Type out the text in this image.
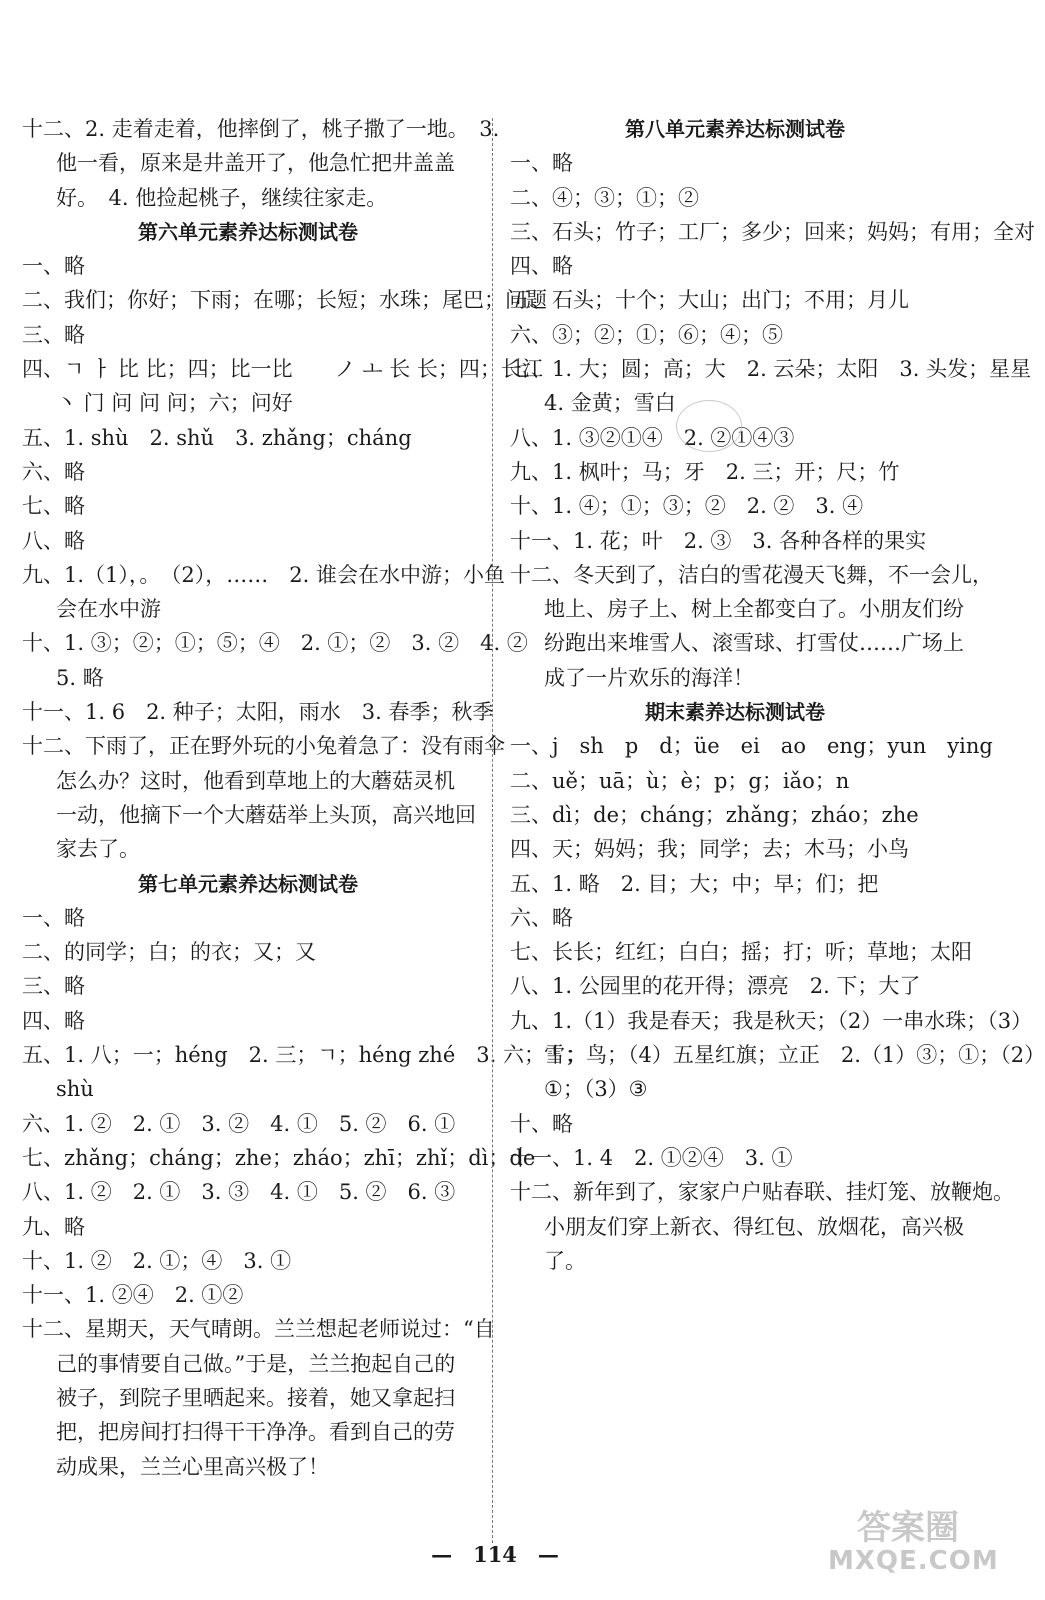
十二、2. 走着走着，他摔倒了，桃子撒了一地。　3.
他一看，原来是井盖开了，他急忙把井盖盖
好。　4. 他捡起桃子，继续往家走。
第六单元素养达标测试卷
一、略
二、我们；你好；下雨；在哪；长短；水珠；尾巴；问题
三、略
四、ㄱ ㅏ 比 比；四；比一比　　ノ ㅗ 长 长；四；长江
丶 门 问 问 问；六；问好
五、1. shù　2. shǔ　3. zhǎng；cháng
六、略
七、略
八、略
九、1.（1），。　（2），……　2. 谁会在水中游；小鱼
会在水中游
十、1. ③；②；①；⑤；④　2. ①；②　3. ②　4. ②
5. 略
十一、1. 6　2. 种子；太阳，雨水　3. 春季；秋季
十二、下雨了，正在野外玩的小兔着急了：没有雨伞
怎么办？这时，他看到草地上的大蘑菇灵机
一动，他摘下一个大蘑菇举上头顶，高兴地回
家去了。
第七单元素养达标测试卷
一、略
二、的同学；白；的衣；又；又
三、略
四、略
五、1. 八；一；héng　2. 三；ㄱ；héng zhé　3. 六；丨；
shù
六、1. ②　2. ①　3. ②　4. ①　5. ②　6. ①
七、zhǎng；cháng；zhe；zháo；zhī；zhǐ；dì；de
八、1. ②　2. ①　3. ③　4. ①　5. ②　6. ③
九、略
十、1. ②　2. ①；④　3. ①
十一、1. ②④　2. ①②
十二、星期天，天气晴朗。兰兰想起老师说过：“自
己的事情要自己做。”于是，兰兰抱起自己的
被子，到院子里晒起来。接着，她又拿起扫
把，把房间打扫得干干净净。看到自己的劳
动成果，兰兰心里高兴极了！
第八单元素养达标测试卷
一、略
二、④；③；①；②
三、石头；竹子；工厂；多少；回来；妈妈；有用；全对
四、略
五、石头；十个；大山；出门；不用；月儿
六、③；②；①；⑥；④；⑤
七、1. 大；圆；高；大　2. 云朵；太阳　3. 头发；星星
4. 金黄；雪白
八、1. ③②①④　2. ②①④③
九、1. 枫叶；马；牙　2. 三；开；尺；竹
十、1. ④；①；③；②　2. ②　3. ④
十一、1. 花；叶　2. ③　3. 各种各样的果实
十二、冬天到了，洁白的雪花漫天飞舞，不一会儿，
地上、房子上、树上全都变白了。小朋友们纷
纷跑出来堆雪人、滚雪球、打雪仗……广场上
成了一片欢乐的海洋！
期末素养达标测试卷
一、j　sh　p　d；üe　ei　ao　eng；yun　ying
二、uě；uā；ù；è；p；g；iǎo；n
三、dì；de；cháng；zhǎng；zháo；zhe
四、天；妈妈；我；同学；去；木马；小鸟
五、1. 略　2. 目；大；中；早；们；把
六、略
七、长长；红红；白白；摇；打；听；草地；太阳
八、1. 公园里的花开得；漂亮　2. 下；大了
九、1.（1）我是春天；我是秋天；（2）一串水珠；（3）
雪；鸟；（4）五星红旗；立正　2.（1）③；①；（2）
①；（3）③
十、略
十一、1. 4　2. ①②④　3. ①
十二、新年到了，家家户户贴春联、挂灯笼、放鞭炮。
小朋友们穿上新衣、得红包、放烟花，高兴极
了。
—　114　—
答案圈
MXQE.COM
